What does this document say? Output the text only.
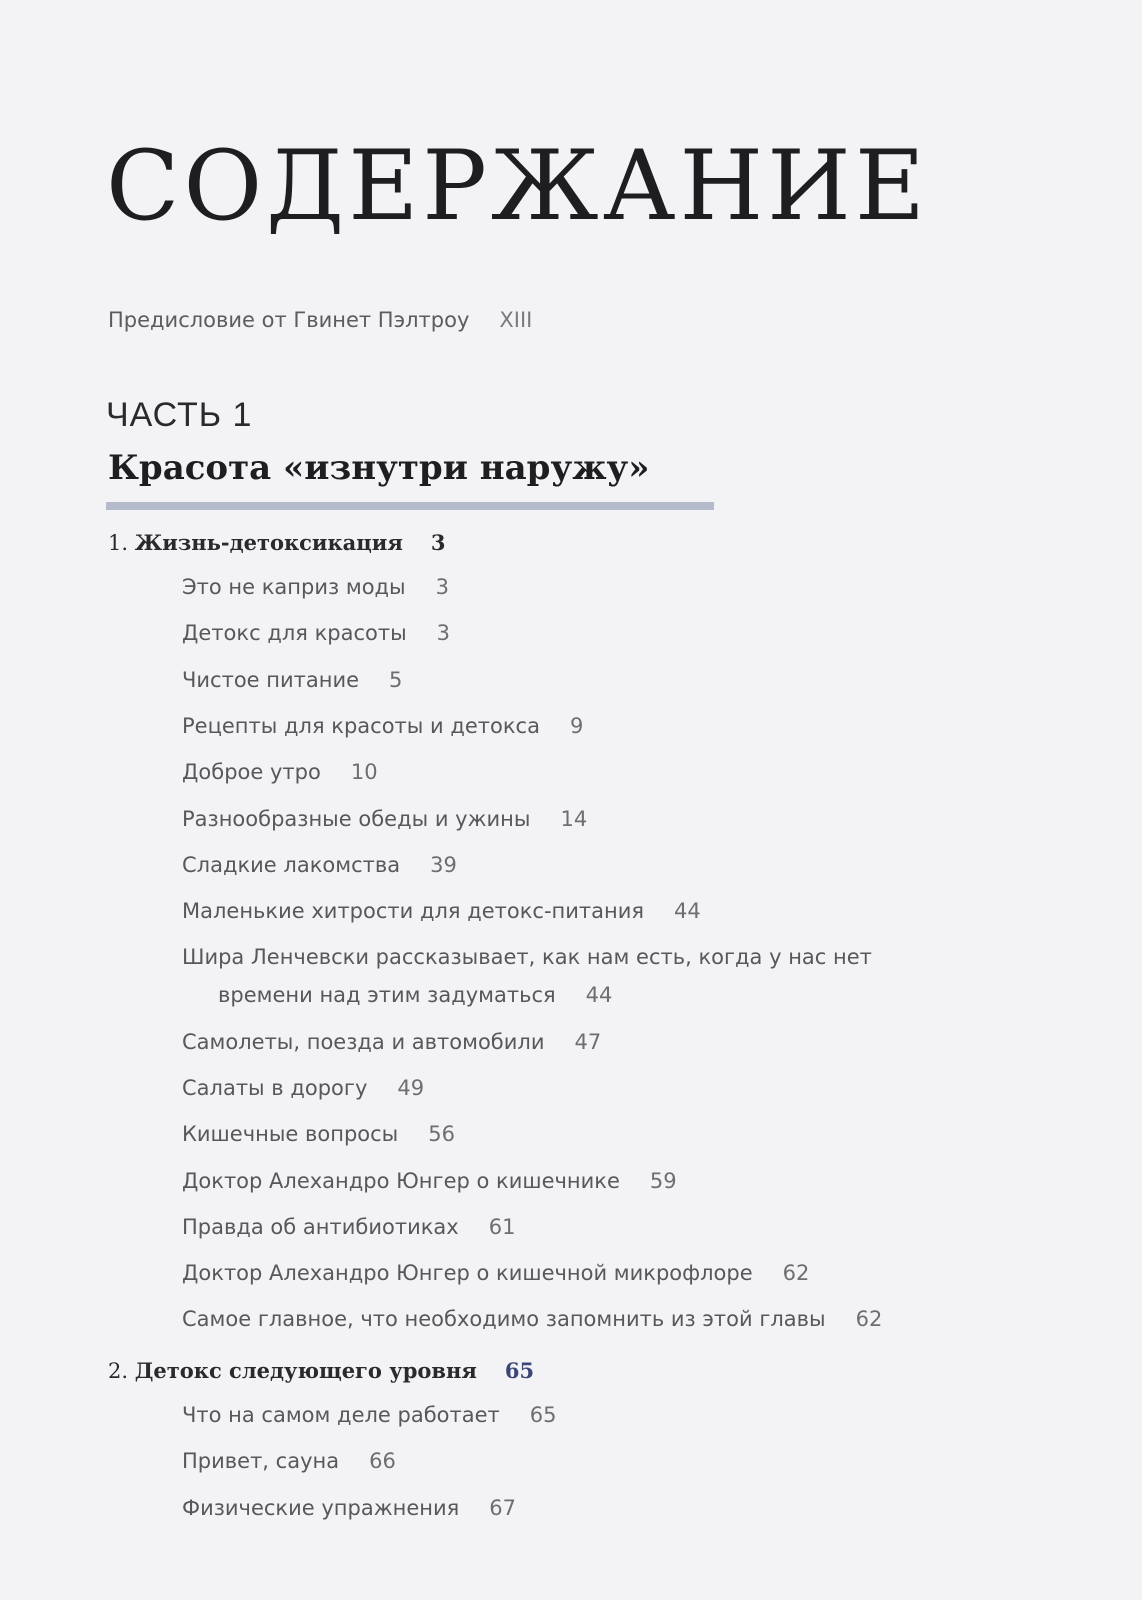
СОДЕРЖАНИЕ
Предисловие от Гвинет Пэлтроу XIII
ЧАСТЬ 1
Красота «изнутри наружу»
1. Жизнь-детоксикация 3
Это не каприз моды 3
Детокс для красоты 3
Чистое питание 5
Рецепты для красоты и детокса 9
Доброе утро 10
Разнообразные обеды и ужины 14
Сладкие лакомства 39
Маленькие хитрости для детокс-питания 44
Шира Ленчевски рассказывает, как нам есть, когда у нас нет
времени над этим задуматься 44
Самолеты, поезда и автомобили 47
Салаты в дорогу 49
Кишечные вопросы 56
Доктор Алехандро Юнгер о кишечнике 59
Правда об антибиотиках 61
Доктор Алехандро Юнгер о кишечной микрофлоре 62
Самое главное, что необходимо запомнить из этой главы 62
2. Детокс следующего уровня 65
Что на самом деле работает 65
Привет, сауна 66
Физические упражнения 67
